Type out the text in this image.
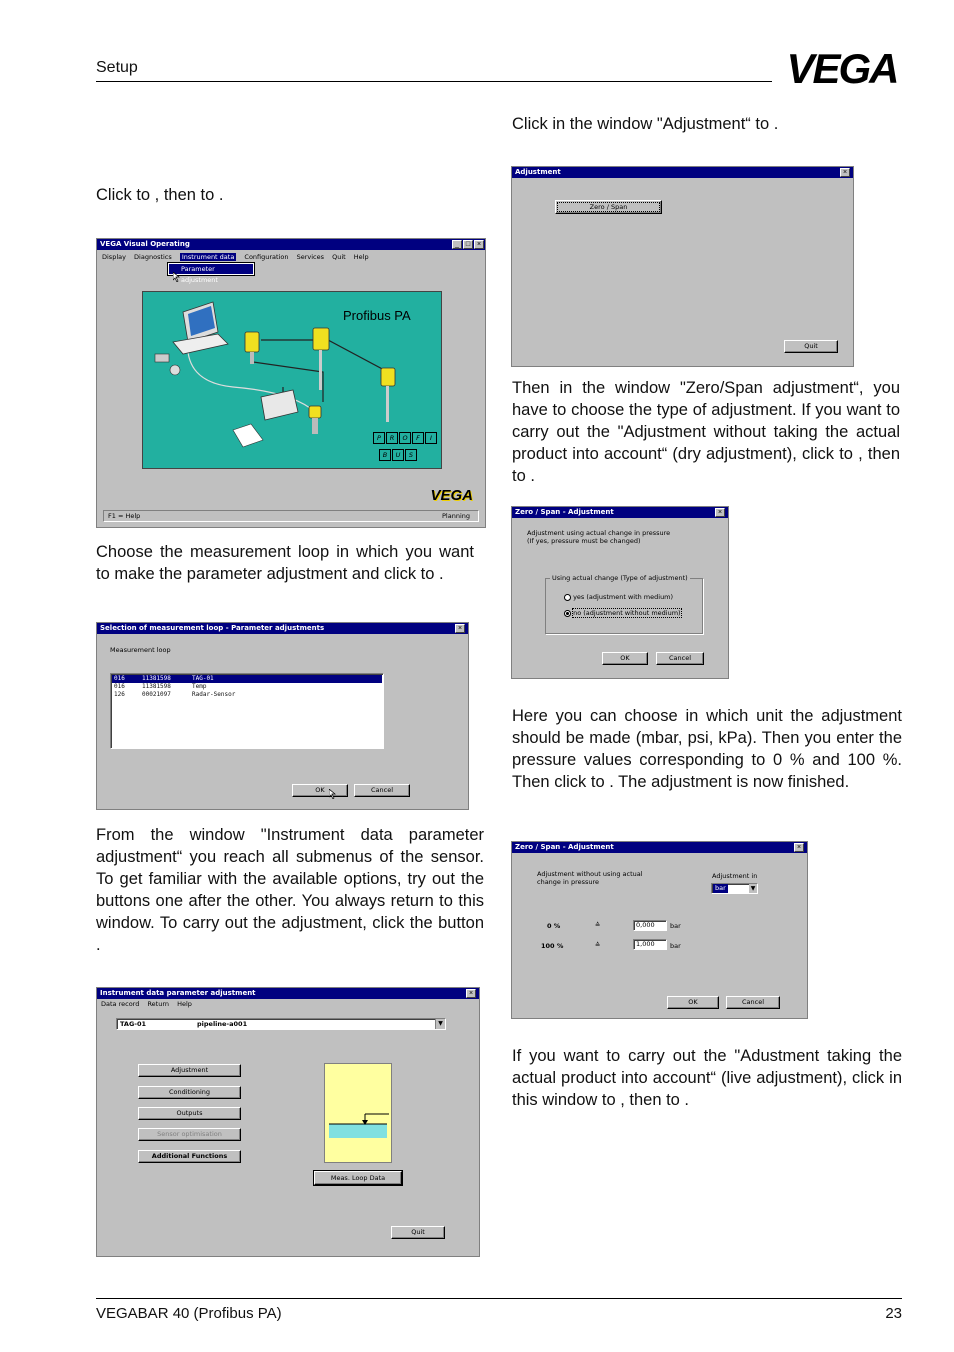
Setup	VEGA

Click to , then to .

Choose the measurement loop in which you want to make the parameter adjustment and click to .

From the window "Instrument data parameter adjustment“ you reach all submenus of the sensor. To get familiar with the available options, try out the buttons one after the other. You always return to this window. To carry out the adjustment, click the button .

Click in the window "Adjustment“ to .

Then in the window "Zero/Span adjustment“, you have to choose the type of adjustment. If you want to carry out the "Adjustment without taking the actual product into account“ (dry adjustment), click to , then to .

Here you can choose in which unit the adjustment should be made (mbar, psi, kPa). Then you enter the pressure values corresponding to 0 % and 100 %. Then click to . The adjustment is now finished.

If you want to carry out the "Adustment taking the actual product into account“ (live adjustment), click in this window to , then to .

VEGA Visual Operating	_ □ ×
Display Diagnostics Instrument data Configuration Services Quit Help
Parameter adjustment
Profibus PA
P	R	O	F	I
B	U	S
VEGA
F1 = Help	Planning
Selection of measurement loop - Parameter adjustments	×
Measurement loop
016	11381598	TAG-01
016	11381598	Temp
126	00021097	Radar-Sensor
OK	Cancel
Instrument data parameter adjustment	×
Data record Return Help
TAG-01	pipeline-a001	▼
Adjustment
Conditioning
Outputs
Sensor optimisation
Additional Functions
Meas. Loop Data
Quit
Adjustment	×
Zero / Span
Quit
Zero / Span - Adjustment	×
Adjustment using actual change in pressure
(If yes, pressure must be changed)
Using actual change (Type of adjustment)
yes (adjustment with medium)
no (adjustment without medium)
OK	Cancel
Zero / Span - Adjustment	×
Adjustment without using actual
change in pressure
Adjustment in
bar	▼
0 %	≙	0,000	bar
100 %	≙	1,000	bar
OK	Cancel
VEGABAR 40 (Profibus PA)	23
